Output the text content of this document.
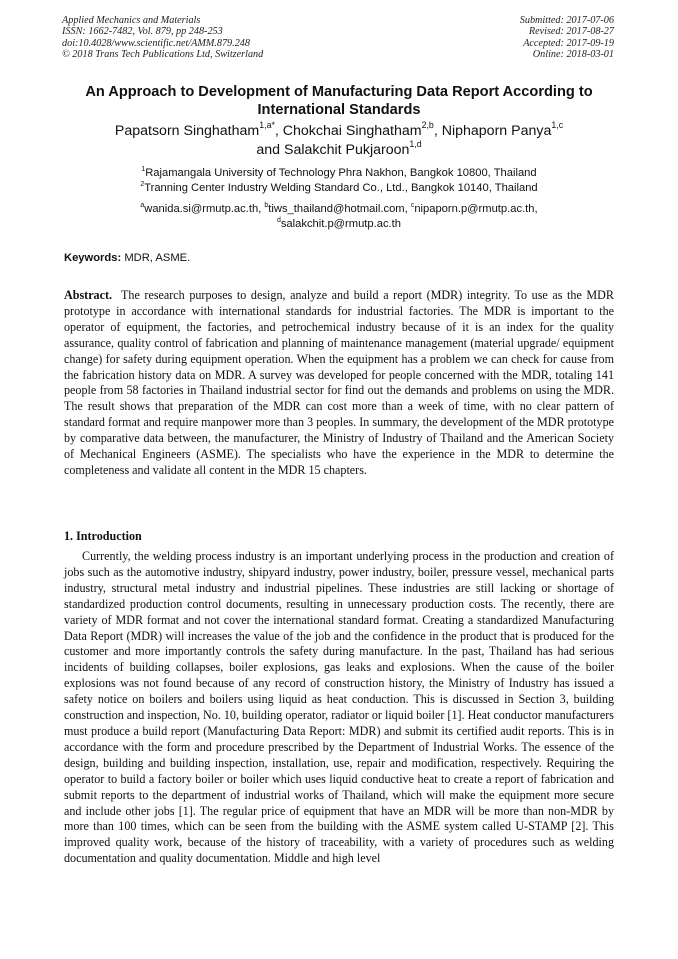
Applied Mechanics and Materials
ISSN: 1662-7482, Vol. 879, pp 248-253
doi:10.4028/www.scientific.net/AMM.879.248
© 2018 Trans Tech Publications Ltd, Switzerland
Submitted: 2017-07-06
Revised: 2017-08-27
Accepted: 2017-09-19
Online: 2018-03-01
An Approach to Development of Manufacturing Data Report According to International Standards
Papatsorn Singhatham$^{1,a*}$, Chokchai Singhatham$^{2,b}$, Niphaporn Panya$^{1,c}$
and Salakchit Pukjaroon$^{1,d}$
$^1$Rajamangala University of Technology Phra Nakhon, Bangkok 10800, Thailand
$^2$Tranning Center Industry Welding Standard Co., Ltd., Bangkok 10140, Thailand
$^a$wanida.si@rmutp.ac.th, $^b$tiws_thailand@hotmail.com, $^c$nipaporn.p@rmutp.ac.th,
$^d$salakchit.p@rmutp.ac.th
Keywords: MDR, ASME.
Abstract. The research purposes to design, analyze and build a report (MDR) integrity. To use as the MDR prototype in accordance with international standards for industrial factories. The MDR is important to the operator of equipment, the factories, and petrochemical industry because of it is an index for the quality assurance, quality control of fabrication and planning of maintenance management (material upgrade/ equipment change) for safety during equipment operation. When the equipment has a problem we can check for cause from the fabrication history data on MDR. A survey was developed for people concerned with the MDR, totaling 141 people from 58 factories in Thailand industrial sector for find out the demands and problems on using the MDR. The result shows that preparation of the MDR can cost more than a week of time, with no clear pattern of standard format and require manpower more than 3 peoples. In summary, the development of the MDR prototype by comparative data between, the manufacturer, the Ministry of Industry of Thailand and the American Society of Mechanical Engineers (ASME). The specialists who have the experience in the MDR to determine the completeness and validate all content in the MDR 15 chapters.
1. Introduction
Currently, the welding process industry is an important underlying process in the production and creation of jobs such as the automotive industry, shipyard industry, power industry, boiler, pressure vessel, mechanical parts industry, structural metal industry and industrial pipelines. These industries are still lacking or shortage of standardized production control documents, resulting in unnecessary production costs. The recently, there are variety of MDR format and not cover the international standard format. Creating a standardized Manufacturing Data Report (MDR) will increases the value of the job and the confidence in the product that is produced for the customer and more importantly controls the safety during manufacture. In the past, Thailand has had serious incidents of building collapses, boiler explosions, gas leaks and explosions. When the cause of the boiler explosions was not found because of any record of construction history, the Ministry of Industry has issued a safety notice on boilers and boilers using liquid as heat conduction. This is discussed in Section 3, building construction and inspection, No. 10, building operator, radiator or liquid boiler [1]. Heat conductor manufacturers must produce a build report (Manufacturing Data Report: MDR) and submit its certified audit reports. This is in accordance with the form and procedure prescribed by the Department of Industrial Works. The essence of the design, building and building inspection, installation, use, repair and modification, respectively. Requiring the operator to build a factory boiler or boiler which uses liquid conductive heat to create a report of fabrication and submit reports to the department of industrial works of Thailand, which will make the equipment more secure and include other jobs [1]. The regular price of equipment that have an MDR will be more than non-MDR by more than 100 times, which can be seen from the building with the ASME system called U-STAMP [2]. This improved quality work, because of the history of traceability, with a variety of procedures such as welding documentation and quality documentation. Middle and high level
